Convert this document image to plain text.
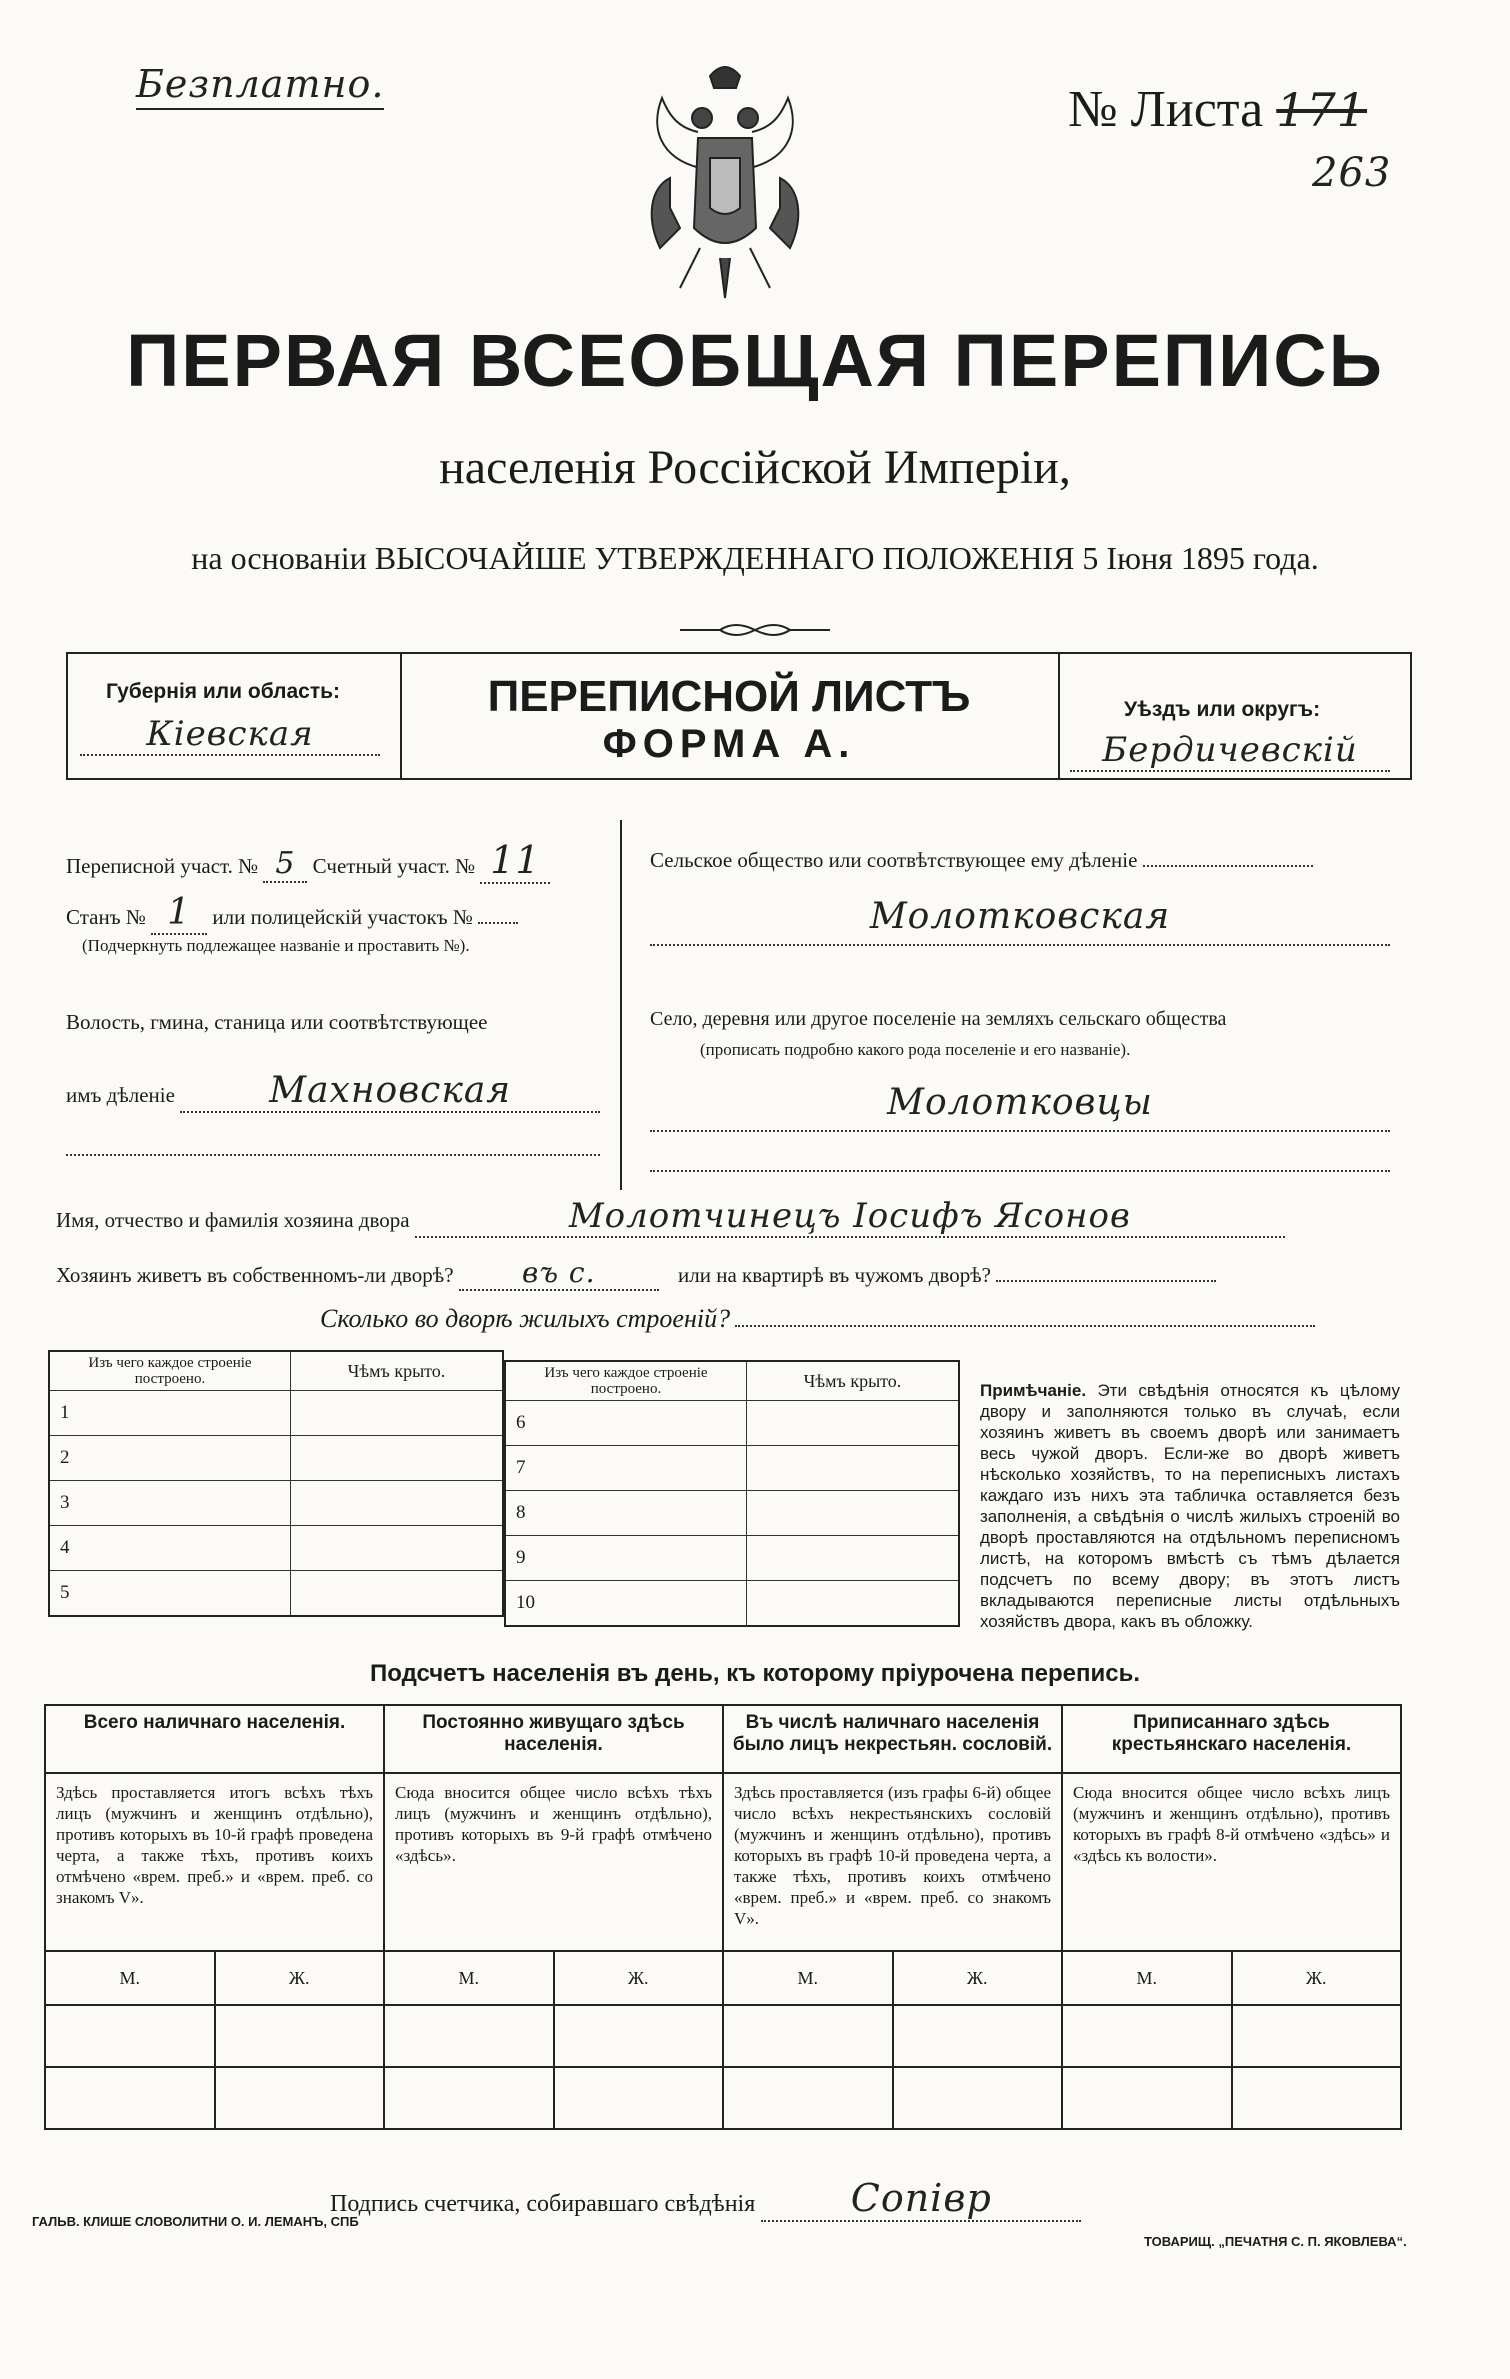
Безплатно.	№ Листа 171
263
ПЕРВАЯ ВСЕОБЩАЯ ПЕРЕПИСЬ
населенія Россійской Имперіи,
на основаніи ВЫСОЧАЙШЕ УТВЕРЖДЕННАГО ПОЛОЖЕНІЯ 5 Іюня 1895 года.
Губернія или область:
Кіевская
ПЕРЕПИСНОЙ ЛИСТЪ
ФОРМА А.
Уѣздъ или округъ:
Бердичевскій
Переписной участ. № 5 Счетный участ. № 11
Станъ № 1 или полицейскій участокъ №
(Подчеркнуть подлежащее названіе и проставить №).
Волость, гмина, станица или соотвѣтствующее
имъ дѣленіе	Махновская
Сельское общество или соотвѣтствующее ему дѣленіе
Молотковская
Село, деревня или другое поселеніе на земляхъ сельскаго общества
(прописать подробно какого рода поселеніе и его названіе).
Молотковцы
Имя, отчество и фамилія хозяина двора	Молотчинецъ Іосифъ Ясонов
Хозяинъ живетъ въ собственномъ-ли дворѣ? въ с.	или на квартирѣ въ чужомъ дворѣ?
Сколько во дворѣ жилыхъ строеній?
Изъ чего каждое строеніе построено.	Чѣмъ крыто.
1	
2	
3	
4	
5	
Изъ чего каждое строеніе построено.	Чѣмъ крыто.
6	
7	
8	
9	
10	
Примѣчаніе. Эти свѣдѣнія относятся къ цѣлому двору и заполняются только въ случаѣ, если хозяинъ живетъ въ своемъ дворѣ или занимаетъ весь чужой дворъ. Если-же во дворѣ живетъ нѣсколько хозяйствъ, то на переписныхъ листахъ каждаго изъ нихъ эта табличка оставляется безъ заполненія, а свѣдѣнія о числѣ жилыхъ строеній во дворѣ проставляются на отдѣльномъ переписномъ листѣ, на которомъ вмѣстѣ съ тѣмъ дѣлается подсчетъ по всему двору; въ этотъ листъ вкладываются переписные листы отдѣльныхъ хозяйствъ двора, какъ въ обложку.
Подсчетъ населенія въ день, къ которому пріурочена перепись.
Всего наличнаго населенія.		Постоянно живущаго здѣсь населенія.		Въ числѣ наличнаго населенія было лицъ некрестьян. сословій.		Приписаннаго здѣсь крестьянскаго населенія.	
Здѣсь проставляется итогъ всѣхъ тѣхъ лицъ (мужчинъ и женщинъ отдѣльно), противъ которыхъ въ 10-й графѣ проведена черта, а также тѣхъ, противъ коихъ отмѣчено «врем. преб.» и «врем. преб. со знакомъ V».		Сюда вносится общее число всѣхъ тѣхъ лицъ (мужчинъ и женщинъ отдѣльно), противъ которыхъ въ 9-й графѣ отмѣчено «здѣсь».		Здѣсь проставляется (изъ графы 6-й) общее число всѣхъ некрестьянскихъ сословій (мужчинъ и женщинъ отдѣльно), противъ которыхъ въ графѣ 10-й проведена черта, а также тѣхъ, противъ коихъ отмѣчено «врем. преб.» и «врем. преб. со знакомъ V».		Сюда вносится общее число всѣхъ лицъ (мужчинъ и женщинъ отдѣльно), противъ которыхъ въ графѣ 8-й отмѣчено «здѣсь» и «здѣсь къ волости».	
М.	Ж.	М.	Ж.	М.	Ж.	М.	Ж.

Подпись счетчика, собиравшаго свѣдѣнія	Сопівр
ГАЛЬВ. КЛИШЕ СЛОВОЛИТНИ О. И. ЛЕМАНЪ, СПБ
ТОВАРИЩ. „ПЕЧАТНЯ С. П. ЯКОВЛЕВА“.
